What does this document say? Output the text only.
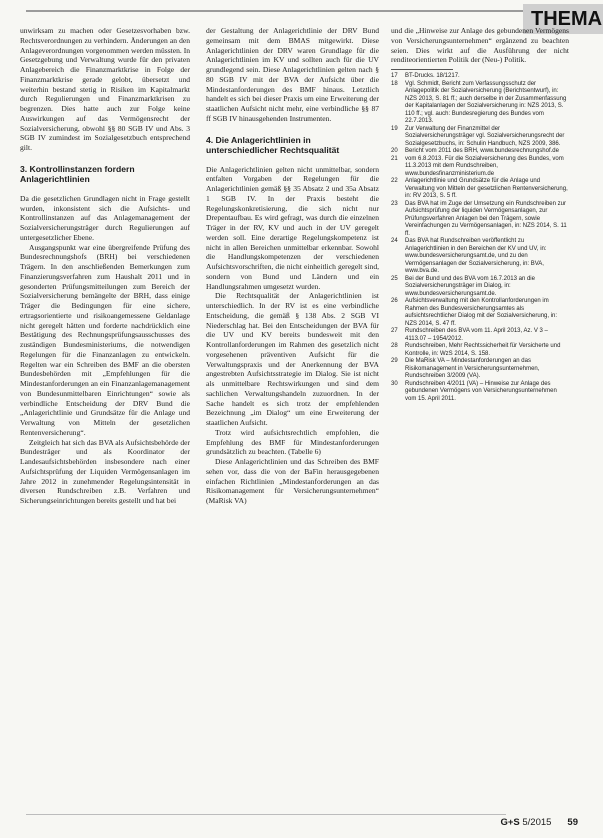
THEMA

unwirksam zu machen oder Gesetzesvorhaben bzw. Rechtsverordnungen zu verhindern. Änderungen an den Anlageverordnungen vorgenommen werden müssten. In Gesetzgebung und Verwaltung wurde für den privaten Anlagebereich die Finanzmarktkrise in Folge der Finanzmarktkrise gerade gelobt, übersetzt und weiterhin bestand stetig in Risiken im Kapitalmarkt durch Regulierungen und Finanzmarktkrisen zu begrenzen. Dies hatte auch zur Folge keine Auswirkungen auf das Vermögensrecht der Sozialversicherung, obwohl §§ 80 SGB IV und Abs. 3 SGB IV zumindest im Sozialgesetzbuch entsprechend gilt.

3. Kontrollinstanzen fordern Anlagerichtlinien

Da die gesetzlichen Grundlagen nicht in Frage gestellt wurden, inkonsistent sich die Aufsichts- und Kontrollinstanzen auf das Anlagemanagement der Sozialversicherungsträger durch Regulierungen auf untergesetzlicher Ebene.

Ausgangspunkt war eine übergreifende Prüfung des Bundesrechnungshofs (BRH) bei verschiedenen Trägern. In den anschließenden Bemerkungen zum Finanzierungsverfahren zum Haushalt 2011 und in gesonderten Prüfungsmitteilungen zum Bereich der Sozialversicherung bemängelte der BRH, dass einige Träger die Bedingungen für eine sichere, ertragsorientierte und risikoangemessene Geldanlage nicht geregelt hätten und forderte nachdrücklich eine Bestätigung des Rechnungsprüfungsausschusses des zuständigen Bundesministeriums, die notwendigen Regelungen für die Finanzanlagen zu entwickeln. Regelten war ein Schreiben des BMF an die obersten Bundesbehörden mit „Empfehlungen für die Mindestanforderungen an ein Finanzanlagemanagement von Bundesunmittelbaren Einrichtungen“ sowie als verbindliche Entscheidung der DRV Bund die „Anlagerichtlinie und Grundsätze für die Anlage und Verwaltung von Mitteln der gesetzlichen Rentenversicherung“.

Zeitgleich hat sich das BVA als Aufsichtsbehörde der Bundesträger und als Koordinator der Landesaufsichtsbehörden insbesondere nach einer Aufsichtsprüfung der Liquiden Vermögensanlagen im Jahre 2012 in zunehmender Regelungsintensität in diversen Rundschreiben z.B. Verfahren und Sicherungseinrichtungen bereits gestellt und hat bei

der Gestaltung der Anlagerichtlinie der DRV Bund gemeinsam mit dem BMAS mitgewirkt. Diese Anlagerichtlinien der DRV waren Grundlage für die Anlagerichtlinien im KV und sollten auch für die UV grundlegend sein. Diese Anlagerichtlinien gelten nach § 80 SGB IV mit der BVA der Aufsicht über die Mindestanforderungen des BMF hinaus. Letztlich handelt es sich bei dieser Praxis um eine Erweiterung der staatlichen Aufsicht nicht mehr, eine verbindliche §§ 87 ff SGB IV hinausgehenden Instrumenten.

4. Die Anlagerichtlinien in unterschiedlicher Rechtsqualität

Die Anlagerichtlinien gelten nicht unmittelbar, sondern entfalten Vorgaben der Regelungen für die Anlagerichtlinien gemäß §§ 35 Absatz 2 und 35a Absatz 1 SGB IV. In der Praxis besteht die Regelungskonkretisierung, die sich nicht nur Drepentaufbau. Es wird gefragt, was durch die einzelnen Träger in der RV, KV und auch in der UV geregelt werden soll. Eine derartige Regelungskompetenz ist nicht in allen Bereichen unmittelbar erkennbar. Sowohl die Handlungskompetenzen der verschiedenen Aufsichtsvorschriften, die nicht einheitlich geregelt sind, sondern von Bund und Ländern und ein Handlungsrahmen umgesetzt wurden.

Die Rechtsqualität der Anlagerichtlinien ist unterschiedlich. In der RV ist es eine verbindliche Entscheidung, die gemäß § 138 Abs. 2 SGB VI Niederschlag hat. Bei den Entscheidungen der BVA für die UV und KV bereits bundesweit mit den Kontrollanforderungen im Rahmen des gesetzlich nicht vorgesehenen präventiven Aufsicht für die Verwaltungspraxis und der Anerkennung der BVA angestrebten Aufsichtsstrategie im Dialog. Sie ist nicht als unmittelbare Rechtswirkungen und sind dem sachlichen Verwaltungshandeln zuzuordnen. In der Sache handelt es sich trotz der empfehlenden Bezeichnung „im Dialog“ um eine Erweiterung der staatlichen Aufsicht.

Trotz wird aufsichtsrechtlich empfohlen, die Empfehlung des BMF für Mindestanforderungen grundsätzlich zu beachten. (Tabelle 6)

Diese Anlagerichtlinien und das Schreiben des BMF sehen vor, dass die von der BaFin herausgegebenen einfachen Richtlinien „Mindestanforderungen an das Risikomanagement für Versicherungsunternehmen“ (MaRisk VA)

und die „Hinweise zur Anlage des gebundenen Vermögens von Versicherungsunternehmen“ ergänzend zu beachten seien. Dies wirkt auf die Ausführung der nicht renditeorientierten Politik der (Neu-) Politik.

17	BT-Drucks. 18/1217.
18	Vgl. Schmidt, Bericht zum Verfassungsschutz der Anlagepolitik der Sozialversicherung (Berichtsentwurf), in: NZS 2013, S. 81 ff.; auch derselbe in der Zusammenfassung der Kapitalanlagen der Sozialversicherung in: NZS 2013, S. 110 ff.; vgl. auch: Bundesregierung des Bundes vom 22.7.2013.
19	Zur Verwaltung der Finanzmittel der Sozialversicherungsträger vgl. Sozialversicherungsrecht der Sozialgesetzbuchs, in: Schulin Handbuch, NZS 2009, 386.
20	Bericht vom 2011 des BRH, www.bundesrechnungshof.de
21	vom 6.8.2013. Für die Sozialversicherung des Bundes, vom 11.3.2013 mit dem Rundschreiben, www.bundesfinanzministerium.de
22	Anlagerichtlinie und Grundsätze für die Anlage und Verwaltung von Mitteln der gesetzlichen Rentenversicherung, in: RV 2013, S. 5 ff.
23	Das BVA hat im Zuge der Umsetzung ein Rundschreiben zur Aufsichtsprüfung der liquiden Vermögensanlagen, zur Prüfungsverfahren Anlagen bei den Trägern, sowie Vereinfachungen zu Vermögensanlagen, in: NZS 2014, S. 11 ff.
24	Das BVA hat Rundschreiben veröffentlicht zu Anlagerichtlinien in den Bereichen der KV und UV, in: www.bundesversicherungsamt.de, und zu den Vermögensanlagen der Sozialversicherung, in: BVA, www.bva.de.
25	Bei der Bund und des BVA vom 16.7.2013 an die Sozialversicherungsträger im Dialog, in: www.bundesversicherungsamt.de.
26	Aufsichtsverwaltung mit den Kontrollanforderungen im Rahmen des Bundesversicherungsamtes als aufsichtsrechtlicher Dialog mit der Sozialversicherung, in: NZS 2014, S. 47 ff.
27	Rundschreiben des BVA vom 11. April 2013, Az. V 3 – 4113.07 – 1954/2012.
28	Rundschreiben, Mehr Rechtssicherheit für Versicherte und Kontrolle, in: WzS 2014, S. 158.
29	Die MaRisk VA – Mindestanforderungen an das Risikomanagement in Versicherungsunternehmen, Rundschreiben 3/2009 (VA).
30	Rundschreiben 4/2011 (VA) – Hinweise zur Anlage des gebundenen Vermögens von Versicherungsunternehmen vom 15. April 2011.
G+S 5/2015 59
